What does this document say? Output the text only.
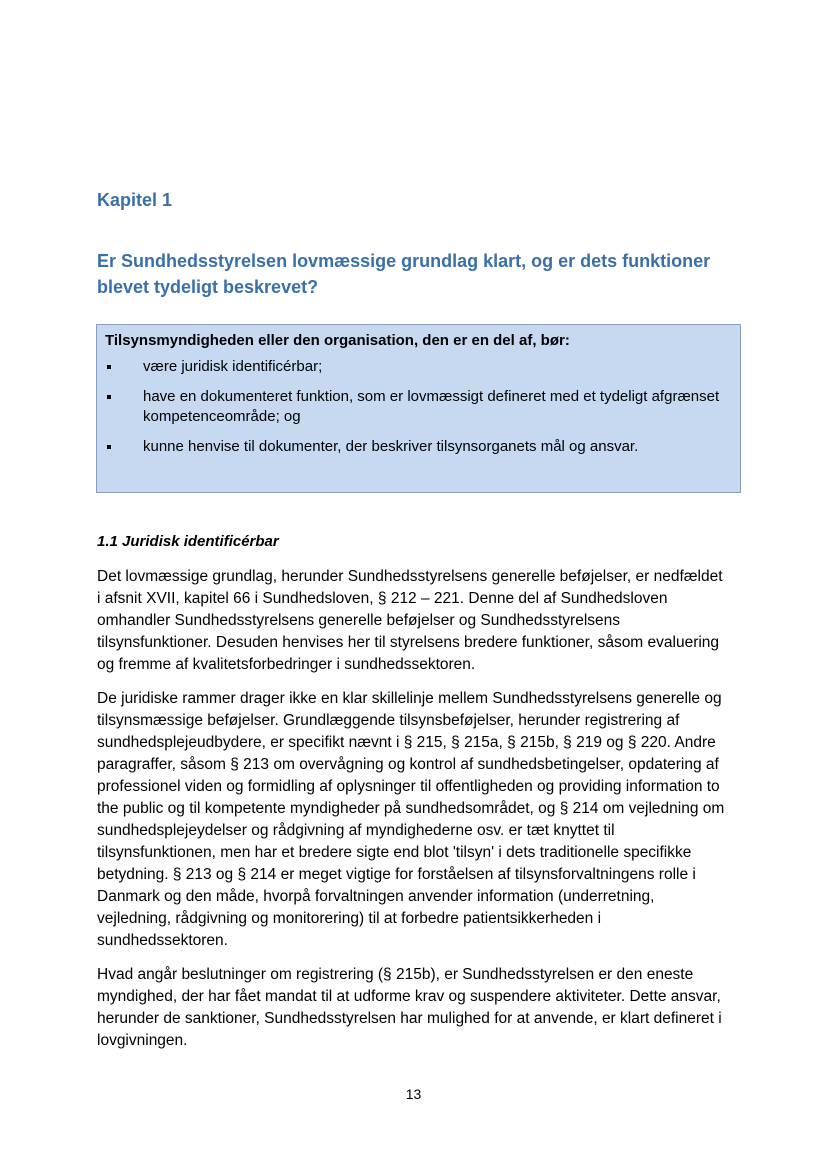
Kapitel 1
Er Sundhedsstyrelsen lovmæssige grundlag klart, og er dets funktioner blevet tydeligt beskrevet?

Tilsynsmyndigheden eller den organisation, den er en del af, bør:

være juridisk identificérbar;
have en dokumenteret funktion, som er lovmæssigt defineret med et tydeligt afgrænset kompetenceområde; og
kunne henvise til dokumenter, der beskriver tilsynsorganets mål og ansvar.
1.1 Juridisk identificérbar

Det lovmæssige grundlag, herunder Sundhedsstyrelsens generelle beføjelser, er nedfældet i afsnit XVII, kapitel 66 i Sundhedsloven, § 212 – 221. Denne del af Sundhedsloven omhandler Sundhedsstyrelsens generelle beføjelser og Sundhedsstyrelsens tilsynsfunktioner. Desuden henvises her til styrelsens bredere funktioner, såsom evaluering og fremme af kvalitetsforbedringer i sundhedssektoren.

De juridiske rammer drager ikke en klar skillelinje mellem Sundhedsstyrelsens generelle og tilsynsmæssige beføjelser. Grundlæggende tilsynsbeføjelser, herunder registrering af sundhedsplejeudbydere, er specifikt nævnt i § 215, § 215a, § 215b, § 219 og § 220. Andre paragraffer, såsom § 213 om overvågning og kontrol af sundhedsbetingelser, opdatering af professionel viden og formidling af oplysninger til offentligheden og providing information to the public og til kompetente myndigheder på sundhedsområdet, og § 214 om vejledning om sundhedsplejeydelser og rådgivning af myndighederne osv. er tæt knyttet til tilsynsfunktionen, men har et bredere sigte end blot 'tilsyn' i dets traditionelle specifikke betydning. § 213 og § 214 er meget vigtige for forståelsen af tilsynsforvaltningens rolle i Danmark og den måde, hvorpå forvaltningen anvender information (underretning, vejledning, rådgivning og monitorering) til at forbedre patientsikkerheden i sundhedssektoren.

Hvad angår beslutninger om registrering (§ 215b), er Sundhedsstyrelsen er den eneste myndighed, der har fået mandat til at udforme krav og suspendere aktiviteter. Dette ansvar, herunder de sanktioner, Sundhedsstyrelsen har mulighed for at anvende, er klart defineret i lovgivningen.

13
